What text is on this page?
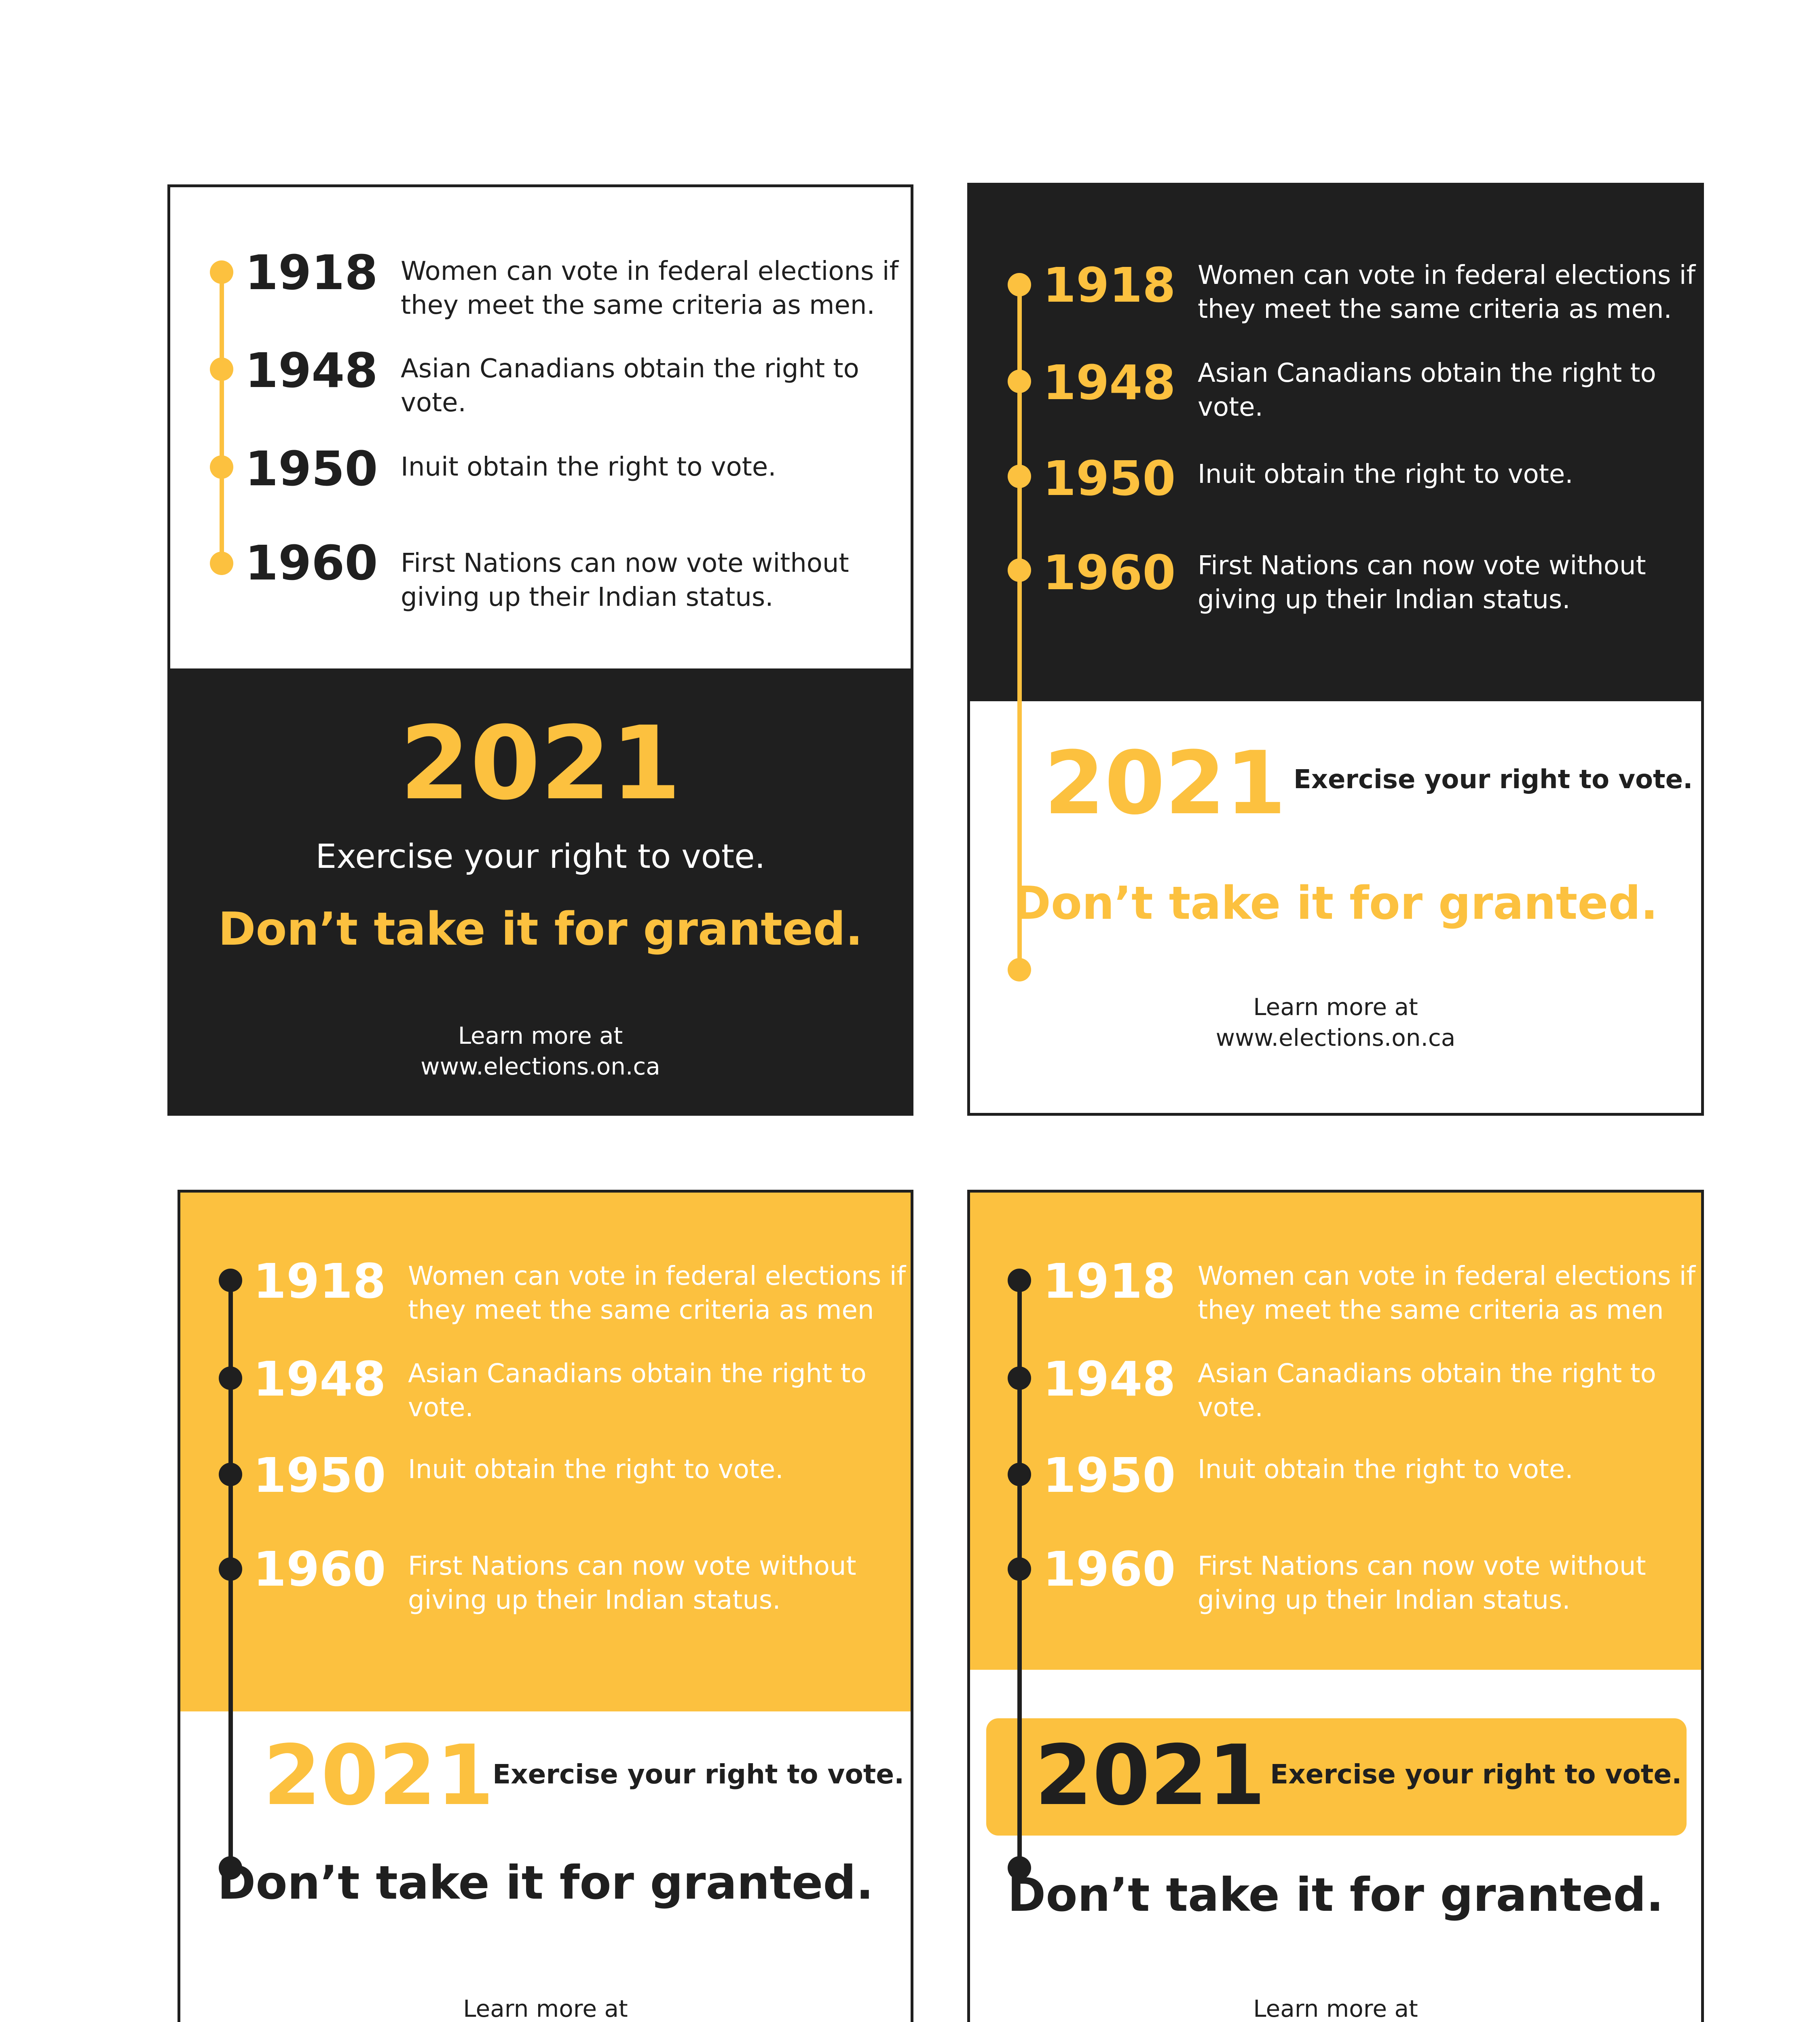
1918 Women can vote in federal elections if they meet the same criteria as men.
1948 Asian Canadians obtain the right to vote.
1950 Inuit obtain the right to vote.
1960 First Nations can now vote without giving up their Indian status.
2021
Exercise your right to vote.
Don’t take it for granted.
Learn more at
www.elections.on.ca
1918 Women can vote in federal elections if they meet the same criteria as men.
1948 Asian Canadians obtain the right to vote.
1950 Inuit obtain the right to vote.
1960 First Nations can now vote without giving up their Indian status.
2021 Exercise your right to vote.
Don’t take it for granted.
Learn more at
www.elections.on.ca
1918 Women can vote in federal elections if they meet the same criteria as men
1948 Asian Canadians obtain the right to vote.
1950 Inuit obtain the right to vote.
1960 First Nations can now vote without giving up their Indian status.
2021
Exercise your right to vote.
Don’t take it for granted.
Learn more at
1918 Women can vote in federal elections if they meet the same criteria as men
1948 Asian Canadians obtain the right to vote.
1950 Inuit obtain the right to vote.
1960 First Nations can now vote without giving up their Indian status.
2021 Exercise your right to vote.
Don’t take it for granted.
Learn more at
